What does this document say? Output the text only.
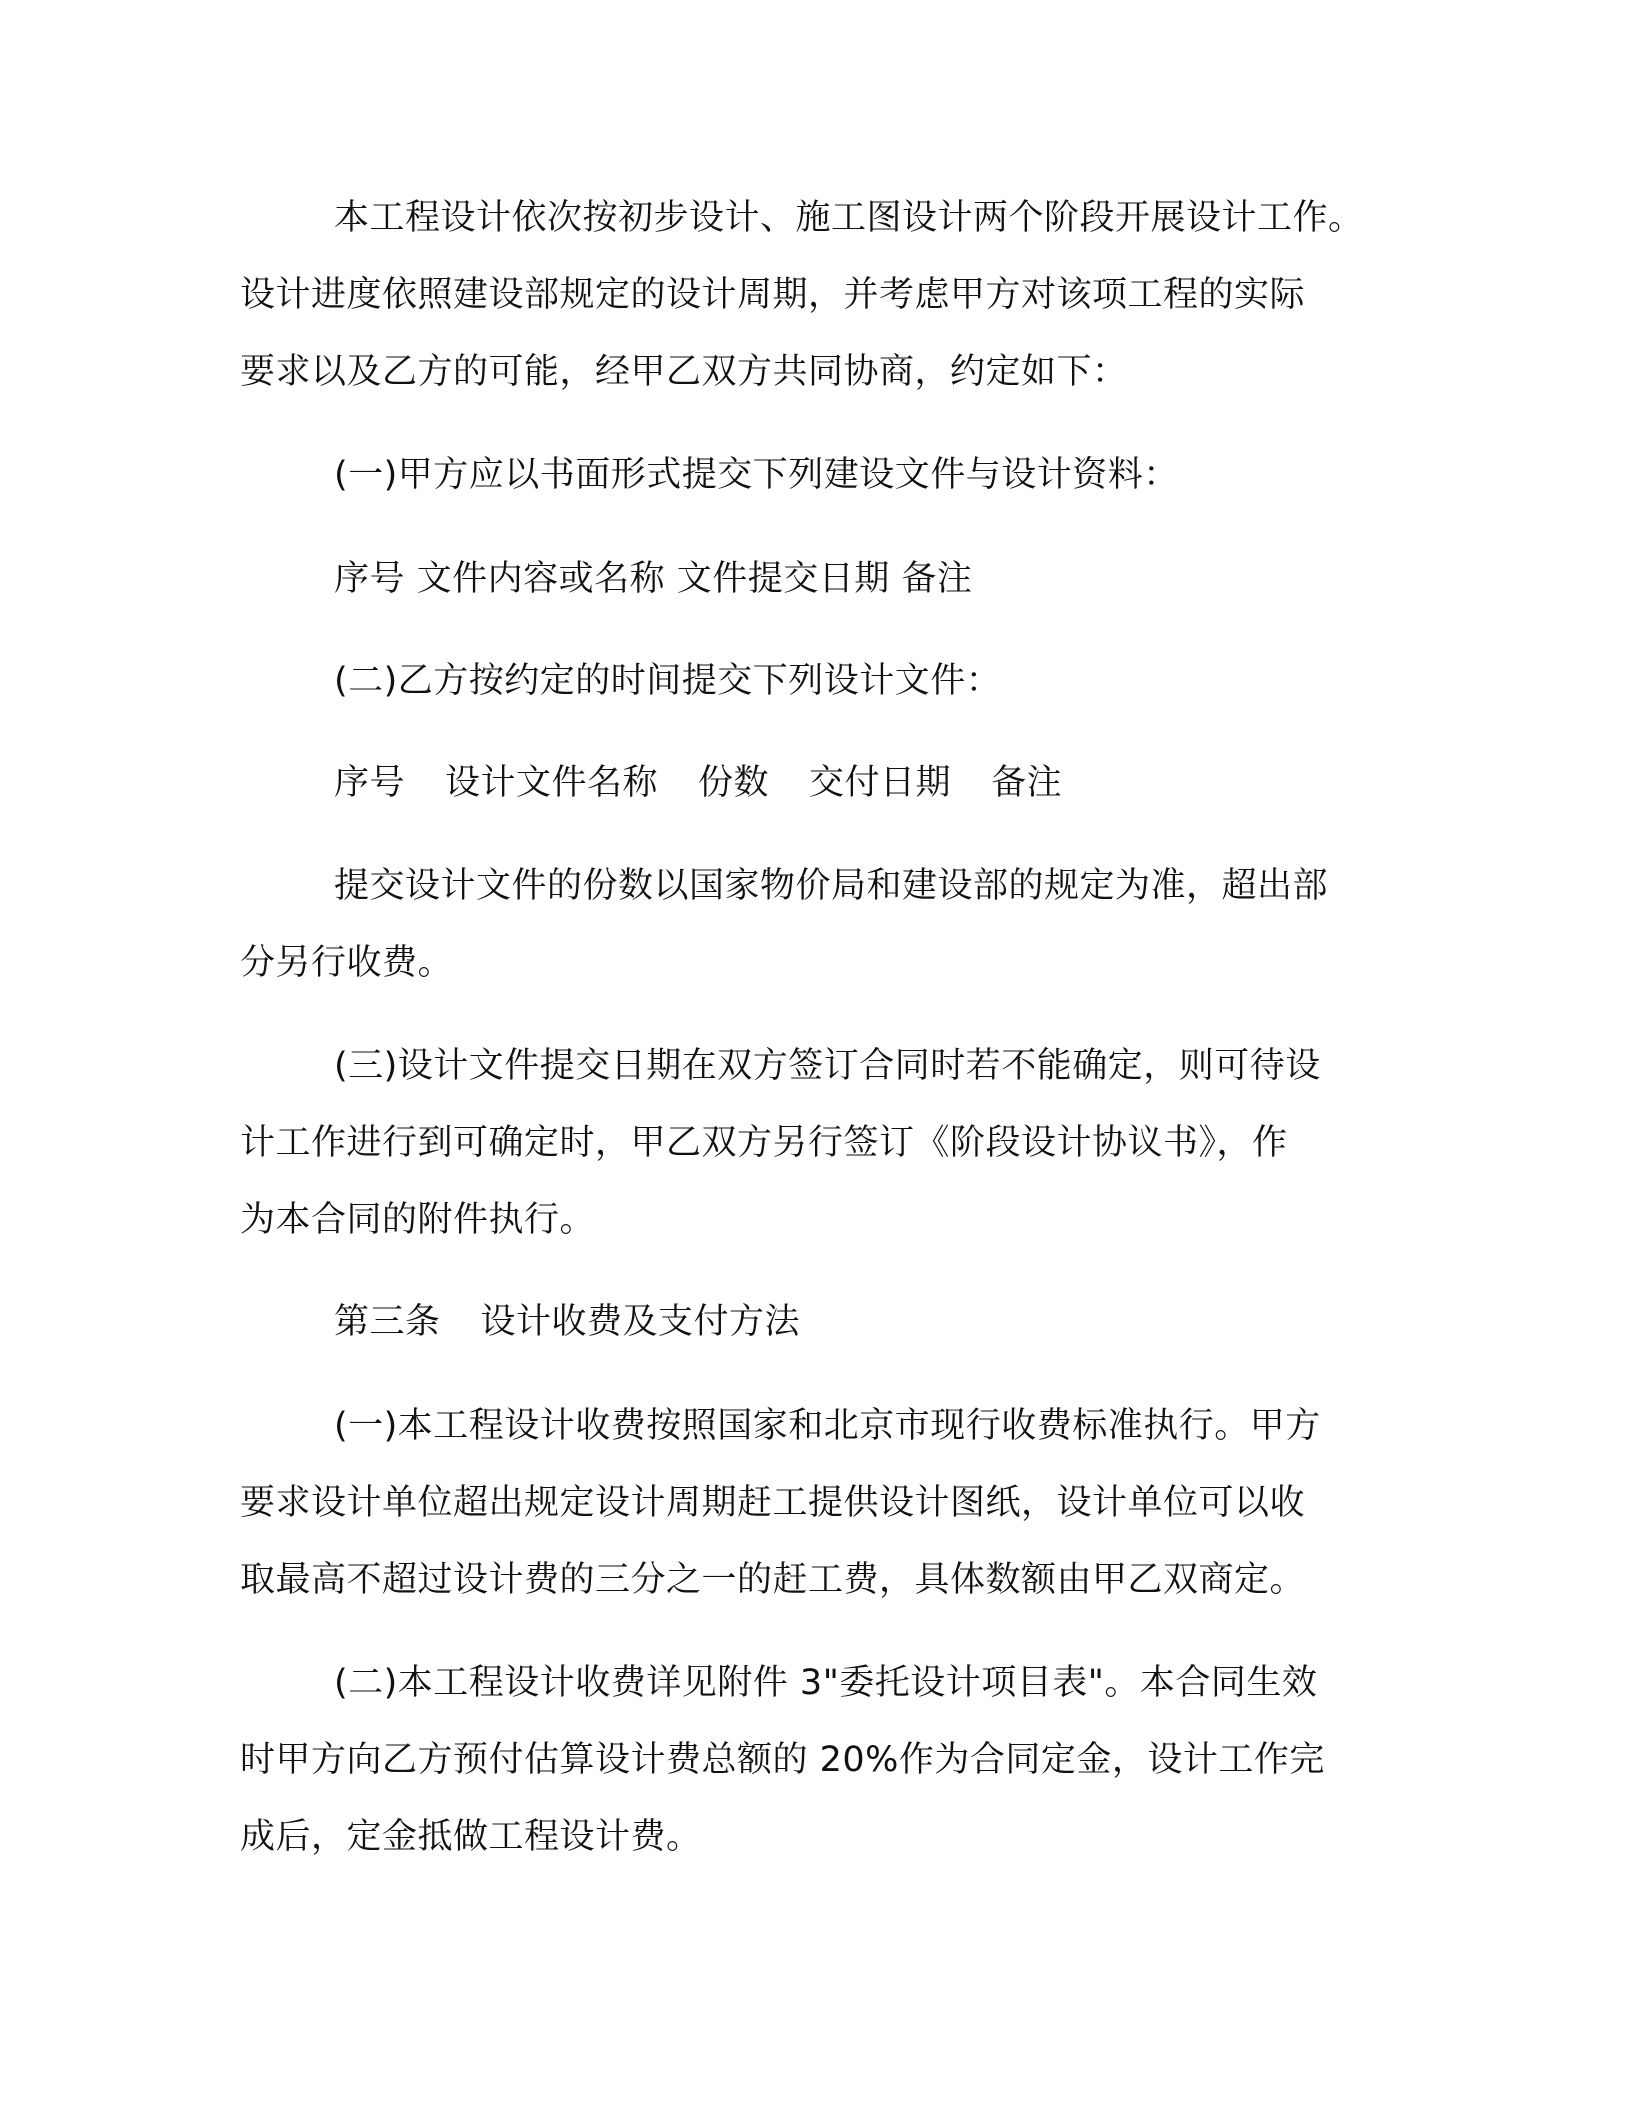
本工程设计依次按初步设计、施工图设计两个阶段开展设计工作。
设计进度依照建设部规定的设计周期，并考虑甲方对该项工程的实际
要求以及乙方的可能，经甲乙双方共同协商，约定如下：
(一)甲方应以书面形式提交下列建设文件与设计资料：
序号 文件内容或名称 文件提交日期 备注
(二)乙方按约定的时间提交下列设计文件：
序号 设计文件名称 份数 交付日期 备注
提交设计文件的份数以国家物价局和建设部的规定为准，超出部
分另行收费。
(三)设计文件提交日期在双方签订合同时若不能确定，则可待设
计工作进行到可确定时，甲乙双方另行签订《阶段设计协议书》，作
为本合同的附件执行。
第三条 设计收费及支付方法
(一)本工程设计收费按照国家和北京市现行收费标准执行。甲方
要求设计单位超出规定设计周期赶工提供设计图纸，设计单位可以收
取最高不超过设计费的三分之一的赶工费，具体数额由甲乙双商定。
(二)本工程设计收费详见附件 3"委托设计项目表"。本合同生效
时甲方向乙方预付估算设计费总额的 20%作为合同定金，设计工作完
成后，定金抵做工程设计费。
